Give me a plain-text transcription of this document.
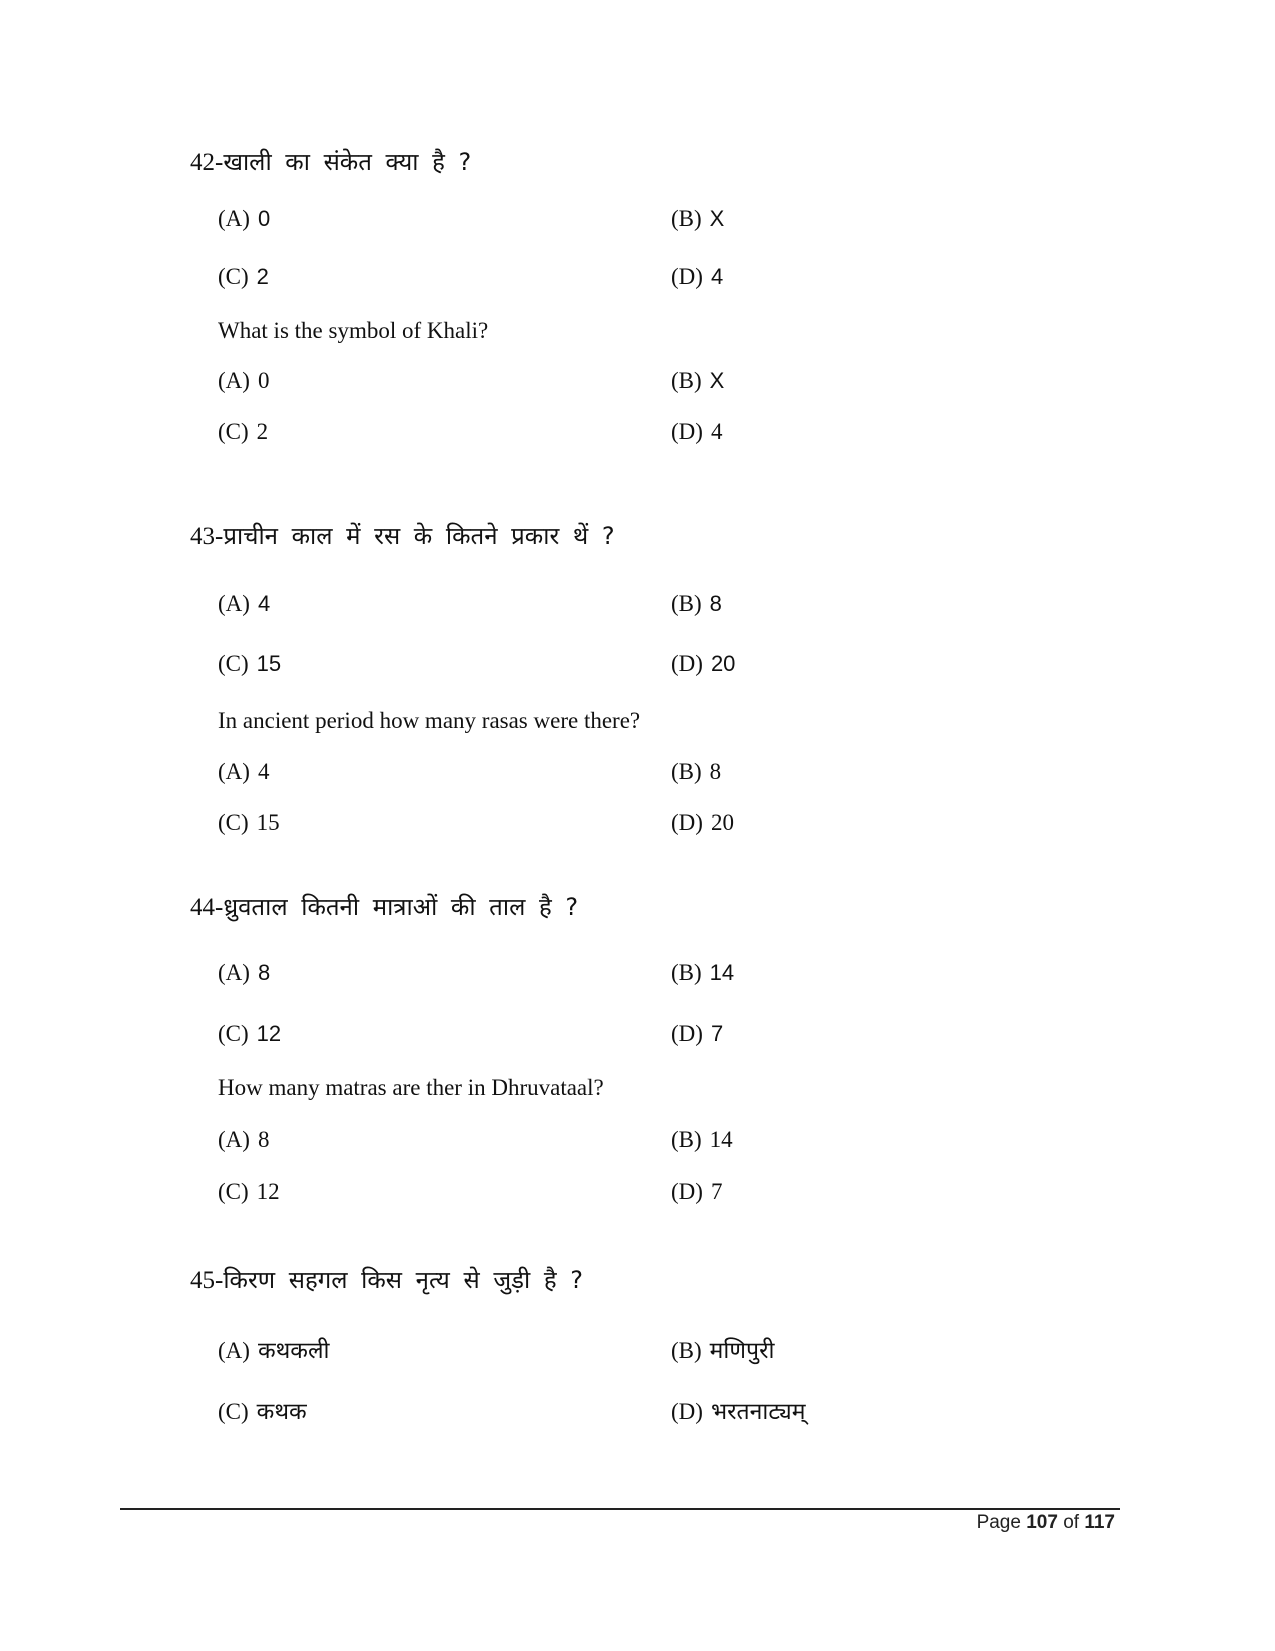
42-खाली का संकेत क्या है ?
(A) 0	(B) X
(C) 2	(D) 4
What is the symbol of Khali?
(A) 0	(B) X
(C) 2	(D) 4
43-प्राचीन काल में रस के कितने प्रकार थें ?
(A) 4	(B) 8
(C) 15	(D) 20
In ancient period how many rasas were there?
(A) 4	(B) 8
(C) 15	(D) 20
44-ध्रुवताल कितनी मात्राओं की ताल है ?
(A) 8	(B) 14
(C) 12	(D) 7
How many matras are ther in Dhruvataal?
(A) 8	(B) 14
(C) 12	(D) 7
45-किरण सहगल किस नृत्य से जुड़ी है ?
(A) कथकली	(B) मणिपुरी
(C) कथक	(D) भरतनाट्यम्
Page 107 of 117
